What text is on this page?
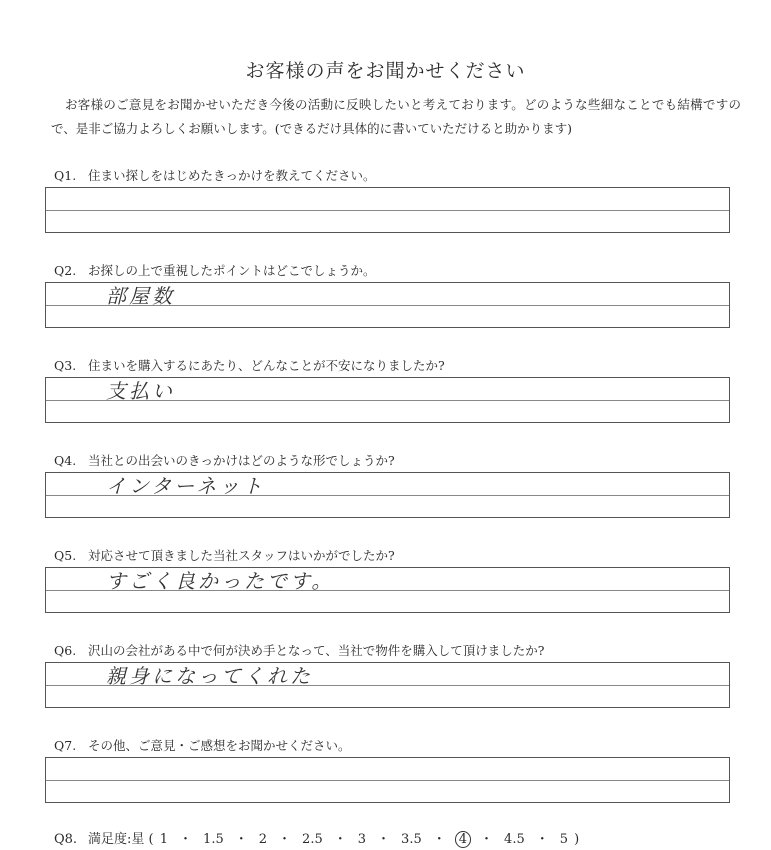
お客様の声をお聞かせください
お客様のご意見をお聞かせいただき今後の活動に反映したいと考えております。どのような些細なことでも結構ですので、是非ご協力よろしくお願いします。(できるだけ具体的に書いていただけると助かります)
Q1. 住まい探しをはじめたきっかけを教えてください。
Q2. お探しの上で重視したポイントはどこでしょうか。
部屋数
Q3. 住まいを購入するにあたり、どんなことが不安になりましたか?
支払い
Q4. 当社との出会いのきっかけはどのような形でしょうか?
インターネット
Q5. 対応させて頂きました当社スタッフはいかがでしたか?
すごく良かったです。
Q6. 沢山の会社がある中で何が決め手となって、当社で物件を購入して頂けましたか?
親身になってくれた
Q7. その他、ご意見・ご感想をお聞かせください。
Q8. 満足度:星 ( 1 ・ 1.5 ・ 2 ・ 2.5 ・ 3 ・ 3.5 ・ 4 ・ 4.5 ・ 5 )
